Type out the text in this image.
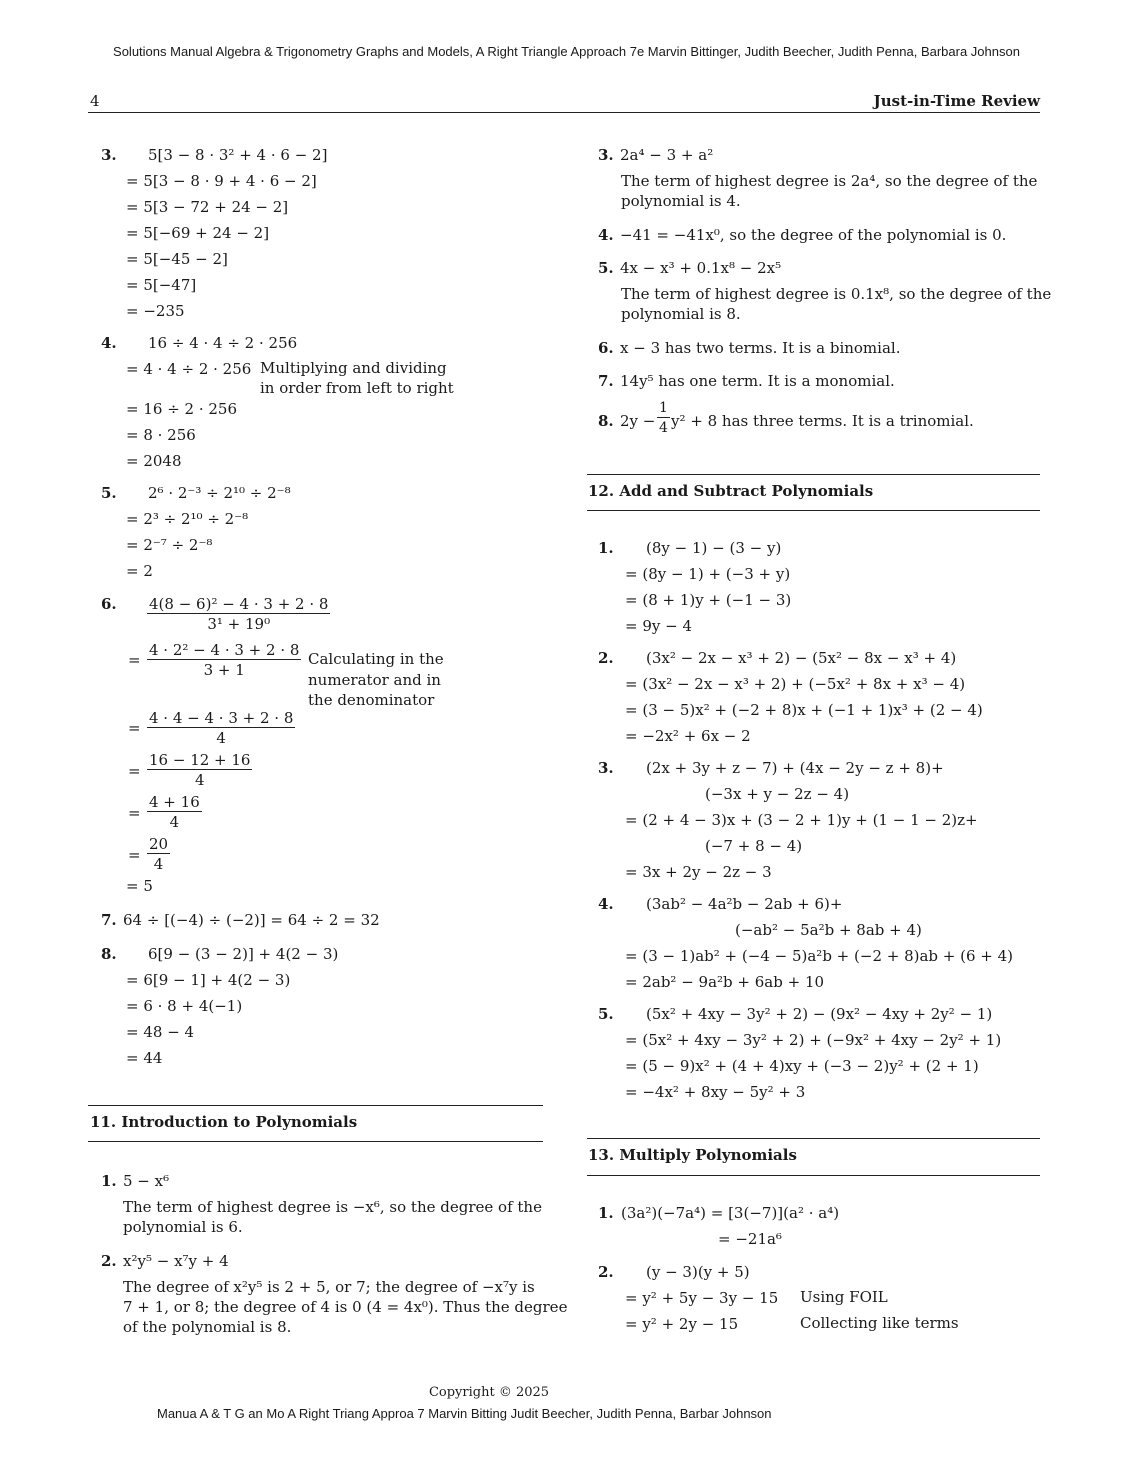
Solutions Manual Algebra & Trigonometry Graphs and Models, A Right Triangle Approach 7e Marvin Bittinger, Judith Beecher, Judith Penna, Barbara Johnson
4	Just-in-Time Review
3. 5[3 − 8 · 3² + 4 · 6 − 2]
= 5[3 − 8 · 9 + 4 · 6 − 2]
= 5[3 − 72 + 24 − 2]
= 5[−69 + 24 − 2]
= 5[−45 − 2]
= 5[−47]
= −235
4. 16 ÷ 4 · 4 ÷ 2 · 256
= 4 · 4 ÷ 2 · 256 Multiplying and dividing
in order from left to right
= 16 ÷ 2 · 256
= 8 · 256
= 2048
5. 2⁶ · 2⁻³ ÷ 2¹⁰ ÷ 2⁻⁸
= 2³ ÷ 2¹⁰ ÷ 2⁻⁸
= 2⁻⁷ ÷ 2⁻⁸
= 2
6. $\frac{\text{4(8 − 6)² − 4 · 3 + 2 · 8}}{\text{3¹ + 19⁰}}$
= $\frac{\text{4 · 2² − 4 · 3 + 2 · 8}}{3 + 1}$ Calculating in the
numerator and in
the denominator
= $\frac{4 \cdot 4 - 4 \cdot 3 + 2 \cdot 8}{4}$
= $\frac{16 - 12 + 16}{4}$
= $\frac{4 + 16}{4}$
= $\frac{20}{4}$
= 5
7. 64 ÷ [(−4) ÷ (−2)] = 64 ÷ 2 = 32
8. 6[9 − (3 − 2)] + 4(2 − 3)
= 6[9 − 1] + 4(2 − 3)
= 6 · 8 + 4(−1)
= 48 − 4
= 44
11. Introduction to Polynomials
1. 5 − x⁶
The term of highest degree is −x⁶, so the degree of the
polynomial is 6.
2. x²y⁵ − x⁷y + 4
The degree of x²y⁵ is 2 + 5, or 7; the degree of −x⁷y is
7 + 1, or 8; the degree of 4 is 0 (4 = 4x⁰). Thus the degree
of the polynomial is 8.
3. 2a⁴ − 3 + a²
The term of highest degree is 2a⁴, so the degree of the
polynomial is 4.
4. −41 = −41x⁰, so the degree of the polynomial is 0.
5. 4x − x³ + 0.1x⁸ − 2x⁵
The term of highest degree is 0.1x⁸, so the degree of the
polynomial is 8.
6. x − 3 has two terms. It is a binomial.
7. 14y⁵ has one term. It is a monomial.
8. $2y - \frac{1}{4} y^2 + 8$ has three terms. It is a trinomial.
12. Add and Subtract Polynomials
1. (8y − 1) − (3 − y)
= (8y − 1) + (−3 + y)
= (8 + 1)y + (−1 − 3)
= 9y − 4
2. (3x² − 2x − x³ + 2) − (5x² − 8x − x³ + 4)
= (3x² − 2x − x³ + 2) + (−5x² + 8x + x³ − 4)
= (3 − 5)x² + (−2 + 8)x + (−1 + 1)x³ + (2 − 4)
= −2x² + 6x − 2
3. (2x + 3y + z − 7) + (4x − 2y − z + 8)+
(−3x + y − 2z − 4)
= (2 + 4 − 3)x + (3 − 2 + 1)y + (1 − 1 − 2)z+
(−7 + 8 − 4)
= 3x + 2y − 2z − 3
4. (3ab² − 4a²b − 2ab + 6)+
(−ab² − 5a²b + 8ab + 4)
= (3 − 1)ab² + (−4 − 5)a²b + (−2 + 8)ab + (6 + 4)
= 2ab² − 9a²b + 6ab + 10
5. (5x² + 4xy − 3y² + 2) − (9x² − 4xy + 2y² − 1)
= (5x² + 4xy − 3y² + 2) + (−9x² + 4xy − 2y² + 1)
= (5 − 9)x² + (4 + 4)xy + (−3 − 2)y² + (2 + 1)
= −4x² + 8xy − 5y² + 3
13. Multiply Polynomials
1. (3a²)(−7a⁴) = [3(−7)](a² · a⁴)
= −21a⁶
2. (y − 3)(y + 5)
= y² + 5y − 3y − 15 Using FOIL
= y² + 2y − 15	Collecting like terms
Copyright © 2025
Manua A & T G an Mo A Right Triang Approa 7 Marvin Bitting Judit Beecher, Judith Penna, Barbar Johnson
